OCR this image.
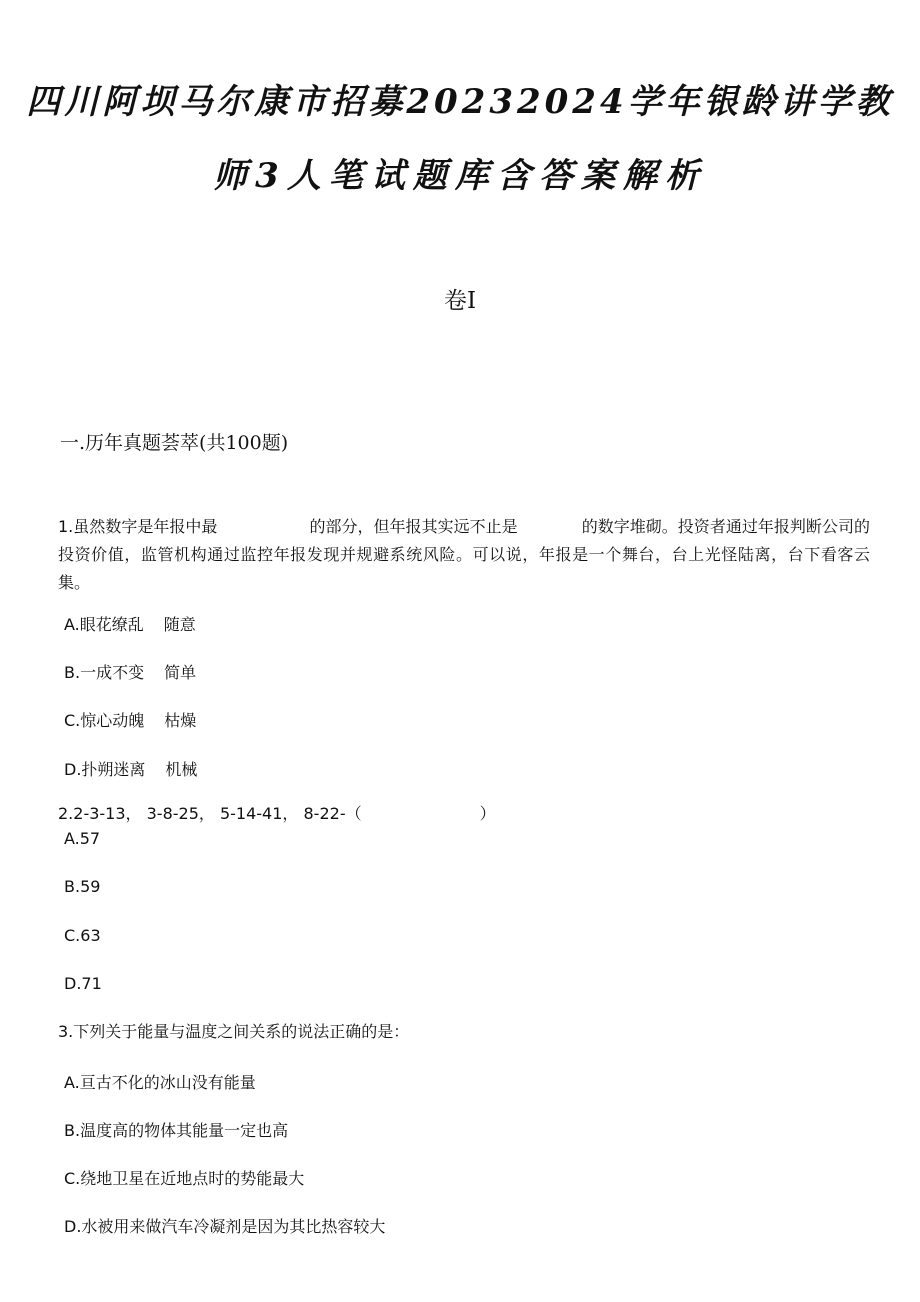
四川阿坝马尔康市招募20232024学年银龄讲学教
师3人笔试题库含答案解析
卷I
一.历年真题荟萃(共100题)
1.虽然数字是年报中最	的部分，但年报其实远不止是	的数字堆砌。投资者通过年报判断公司的投资价值，监管机构通过监控年报发现并规避系统风险。可以说，年报是一个舞台，台上光怪陆离，台下看客云集。
A.眼花缭乱 随意
B.一成不变 简单
C.惊心动魄 枯燥
D.扑朔迷离 机械
2.2-3-13， 3-8-25， 5-14-41， 8-22-（	）
A.57
B.59
C.63
D.71
3.下列关于能量与温度之间关系的说法正确的是：
A.亘古不化的冰山没有能量
B.温度高的物体其能量一定也高
C.绕地卫星在近地点时的势能最大
D.水被用来做汽车冷凝剂是因为其比热容较大
